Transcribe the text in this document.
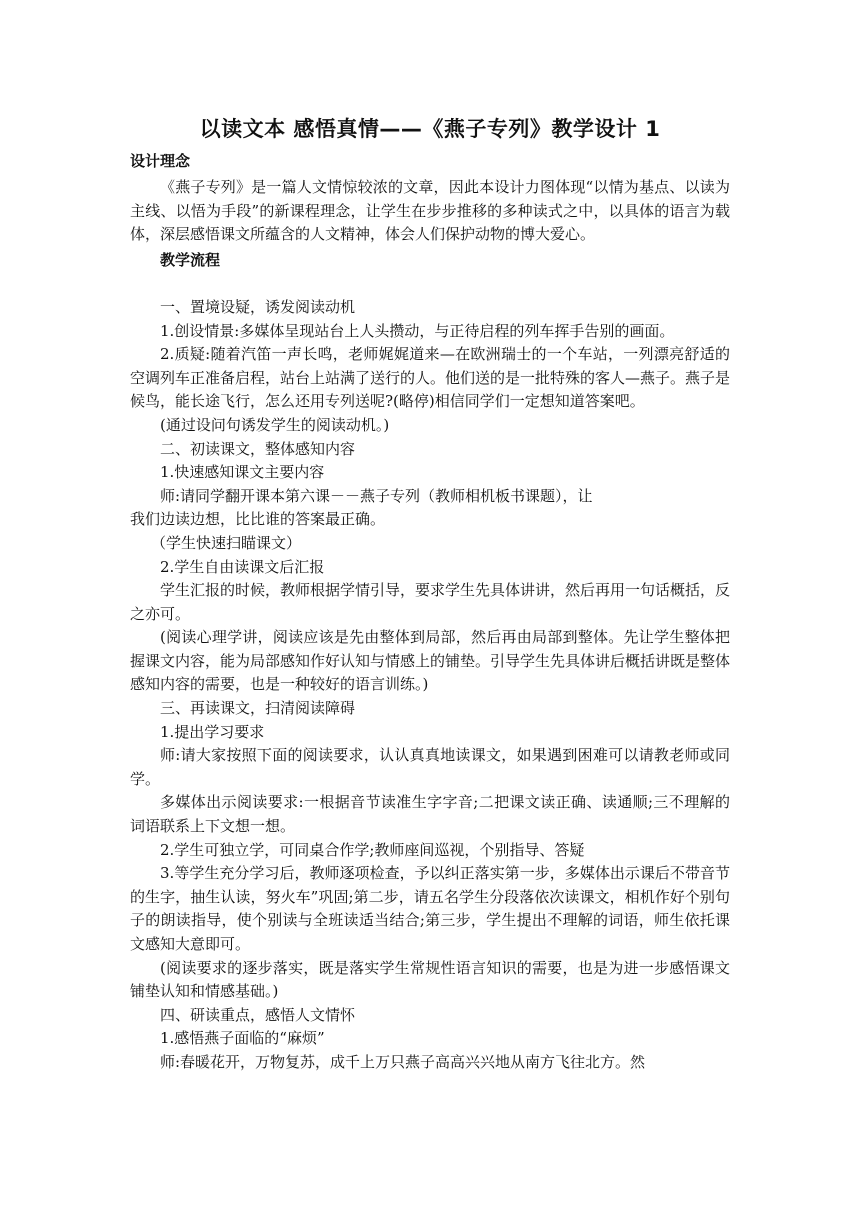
以读文本 感悟真情——《燕子专列》教学设计 1
设计理念

《燕子专列》是一篇人文情惊较浓的文章，因此本设计力图体现“以情为基点、以读为主线、以悟为手段”的新课程理念，让学生在步步推移的多种读式之中，以具体的语言为载体，深层感悟课文所蕴含的人文精神，体会人们保护动物的博大爱心。

教学流程

一、置境设疑，诱发阅读动机

1.创设情景:多媒体呈现站台上人头攒动，与正待启程的列车挥手告别的画面。

2.质疑:随着汽笛一声长鸣，老师娓娓道来—在欧洲瑞士的一个车站，一列漂亮舒适的空调列车正准备启程，站台上站满了送行的人。他们送的是一批特殊的客人—燕子。燕子是候鸟，能长途飞行，怎么还用专列送呢?(略停)相信同学们一定想知道答案吧。

(通过设问句诱发学生的阅读动机。)

二、初读课文，整体感知内容

1.快速感知课文主要内容

师:请同学翻开课本第六课－－燕子专列（教师相机板书课题），让

我们边读边想，比比谁的答案最正确。

（学生快速扫瞄课文）

2.学生自由读课文后汇报

学生汇报的时候，教师根据学情引导，要求学生先具体讲讲，然后再用一句话概括，反之亦可。

(阅读心理学讲，阅读应该是先由整体到局部，然后再由局部到整体。先让学生整体把握课文内容，能为局部感知作好认知与情感上的铺垫。引导学生先具体讲后概括讲既是整体感知内容的需要，也是一种较好的语言训练。)

三、再读课文，扫清阅读障碍

1.提出学习要求

师:请大家按照下面的阅读要求，认认真真地读课文，如果遇到困难可以请教老师或同学。

多媒体出示阅读要求:一根据音节读准生字字音;二把课文读正确、读通顺;三不理解的词语联系上下文想一想。

2.学生可独立学，可同桌合作学;教师座间巡视，个别指导、答疑

3.等学生充分学习后，教师逐项检查，予以纠正落实第一步，多媒体出示课后不带音节的生字，抽生认读，努火车”巩固;第二步，请五名学生分段落依次读课文，相机作好个别句子的朗读指导，使个别读与全班读适当结合;第三步，学生提出不理解的词语，师生依托课文感知大意即可。

(阅读要求的逐步落实，既是落实学生常规性语言知识的需要，也是为进一步感悟课文铺垫认知和情感基础。)

四、研读重点，感悟人文情怀

1.感悟燕子面临的“麻烦”

师:春暖花开，万物复苏，成千上万只燕子高高兴兴地从南方飞往北方。然
